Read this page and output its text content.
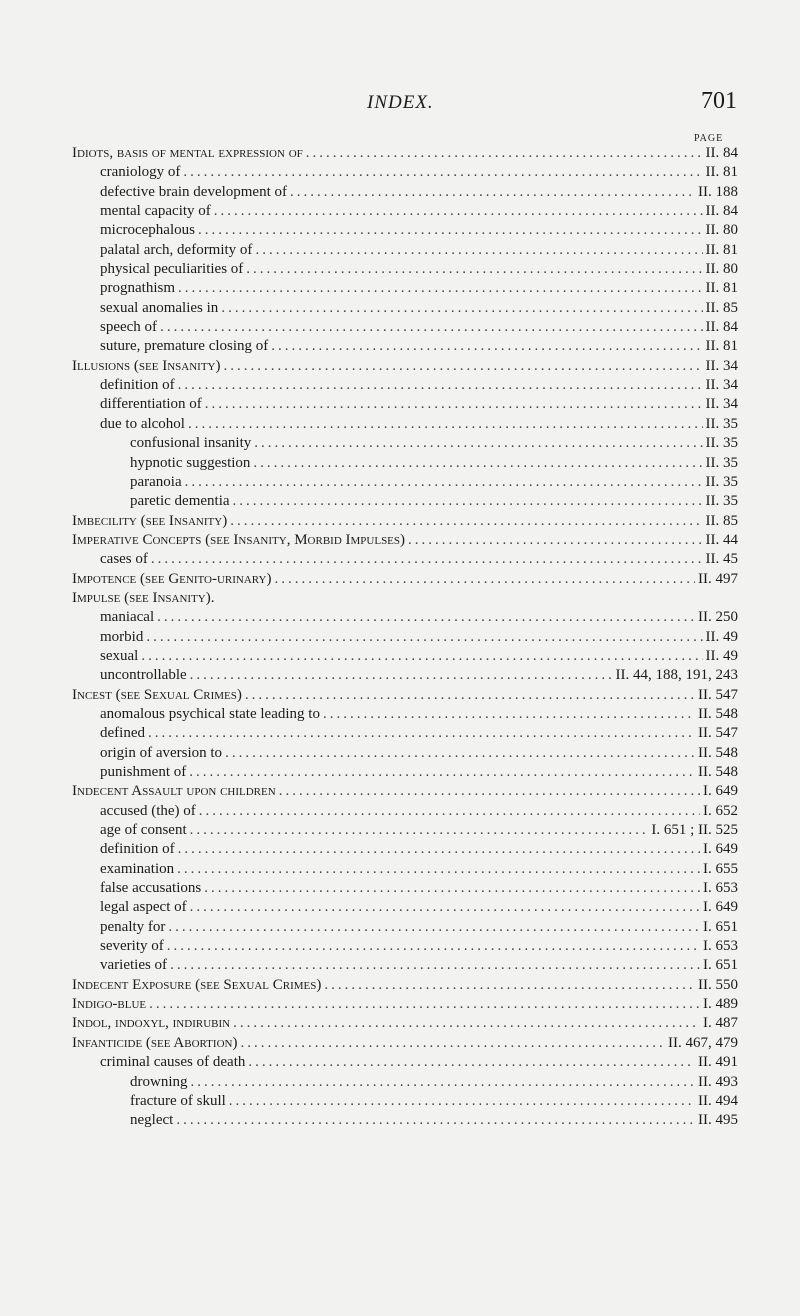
INDEX.	701
PAGE
Idiots, basis of mental expression of .....	II. 84
craniology of .....	II. 81
defective brain development of .....	II. 188
mental capacity of .....	II. 84
microcephalous .....	II. 80
palatal arch, deformity of .....	II. 81
physical peculiarities of .....	II. 80
prognathism .....	II. 81
sexual anomalies in .....	II. 85
speech of .....	II. 84
suture, premature closing of .....	II. 81
Illusions (see Insanity) .....	II. 34
definition of .....	II. 34
differentiation of .....	II. 34
due to alcohol .....	II. 35
confusional insanity .....	II. 35
hypnotic suggestion .....	II. 35
paranoia .....	II. 35
paretic dementia .....	II. 35
Imbecility (see Insanity) .....	II. 85
Imperative Concepts (see Insanity, Morbid Impulses) .....	II. 44
cases of .....	II. 45
Impotence (see Genito-urinary) .....	II. 497
Impulse (see Insanity).
maniacal .....	II. 250
morbid .....	II. 49
sexual .....	II. 49
uncontrollable .....	II. 44, 188, 191, 243
Incest (see Sexual Crimes) .....	II. 547
anomalous psychical state leading to .....	II. 548
defined .....	II. 547
origin of aversion to .....	II. 548
punishment of .....	II. 548
Indecent Assault upon children .....	I. 649
accused (the) of .....	I. 652
age of consent .....	I. 651 ; II. 525
definition of .....	I. 649
examination .....	I. 655
false accusations .....	I. 653
legal aspect of .....	I. 649
penalty for .....	I. 651
severity of .....	I. 653
varieties of .....	I. 651
Indecent Exposure (see Sexual Crimes) .....	II. 550
Indigo-blue .....	I. 489
Indol, indoxyl, indirubin .....	I. 487
Infanticide (see Abortion) .....	II. 467, 479
criminal causes of death .....	II. 491
drowning .....	II. 493
fracture of skull .....	II. 494
neglect .....	II. 495
